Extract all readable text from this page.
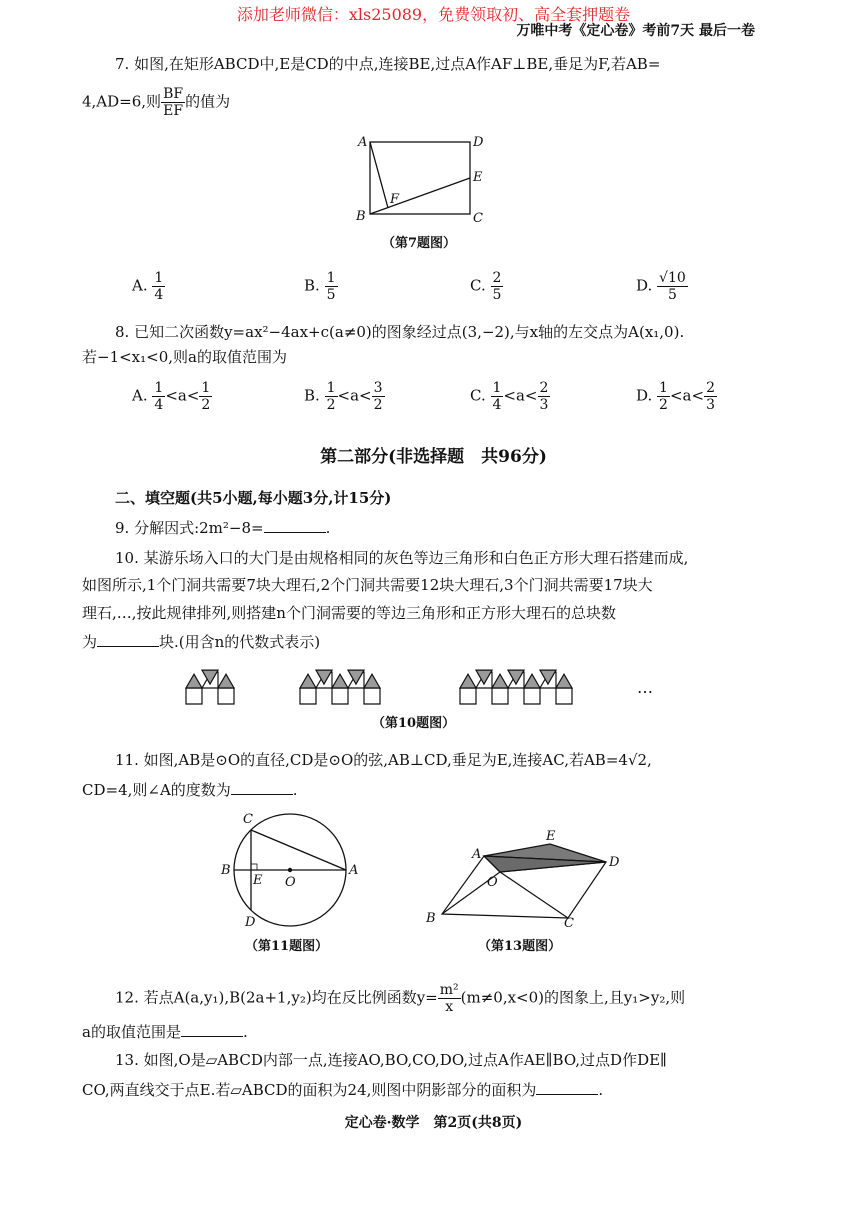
添加老师微信：xls25089，免费领取初、高全套押题卷
万唯中考《定心卷》考前7天 最后一卷
7. 如图,在矩形ABCD中,E是CD的中点,连接BE,过点A作AF⊥BE,垂足为F,若AB=
4,AD=6,则 $\frac{BF}{EF}$ 的值为
A	D
E
F
B	C
（第7题图）
A. $\frac{1}{4}$	B. $\frac{1}{5}$	C. $\frac{2}{5}$	D. $\frac{√10}{5}$
8. 已知二次函数y=ax²−4ax+c(a≠0)的图象经过点(3,−2),与x轴的左交点为A(x₁,0).
若−1<x₁<0,则a的取值范围为
A. $\frac{1}{4} <a< \frac{1}{2}$	B. $\frac{1}{2} <a< \frac{3}{2}$	C. $\frac{1}{4} <a< \frac{2}{3}$	D. $\frac{1}{2} <a< \frac{2}{3}$
第二部分(非选择题　共96分)
二、填空题(共5小题,每小题3分,计15分)
9. 分解因式:2m²−8=	.
10. 某游乐场入口的大门是由规格相同的灰色等边三角形和白色正方形大理石搭建而成,
如图所示,1个门洞共需要7块大理石,2个门洞共需要12块大理石,3个门洞共需要17块大
理石,…,按此规律排列,则搭建n个门洞需要的等边三角形和正方形大理石的总块数
为	块.(用含n的代数式表示)
…
（第10题图）
11. 如图,AB是⊙O的直径,CD是⊙O的弦,AB⊥CD,垂足为E,连接AC,若AB=4√2,
CD=4,则∠A的度数为	.
C
B
E O
A
D
（第11题图）
E
A
D
O
B	C
（第13题图）
12. 若点A(a,y₁),B(2a+1,y₂)均在反比例函数$y= \frac{\text{m²}}{x} (m\ne 0,x<0)$的图象上,且y₁>y₂,则
a的取值范围是	.
13. 如图,O是▱ABCD内部一点,连接AO,BO,CO,DO,过点A作AE∥BO,过点D作DE∥
CO,两直线交于点E.若▱ABCD的面积为24,则图中阴影部分的面积为	.
定心卷·数学　第2页(共8页)
